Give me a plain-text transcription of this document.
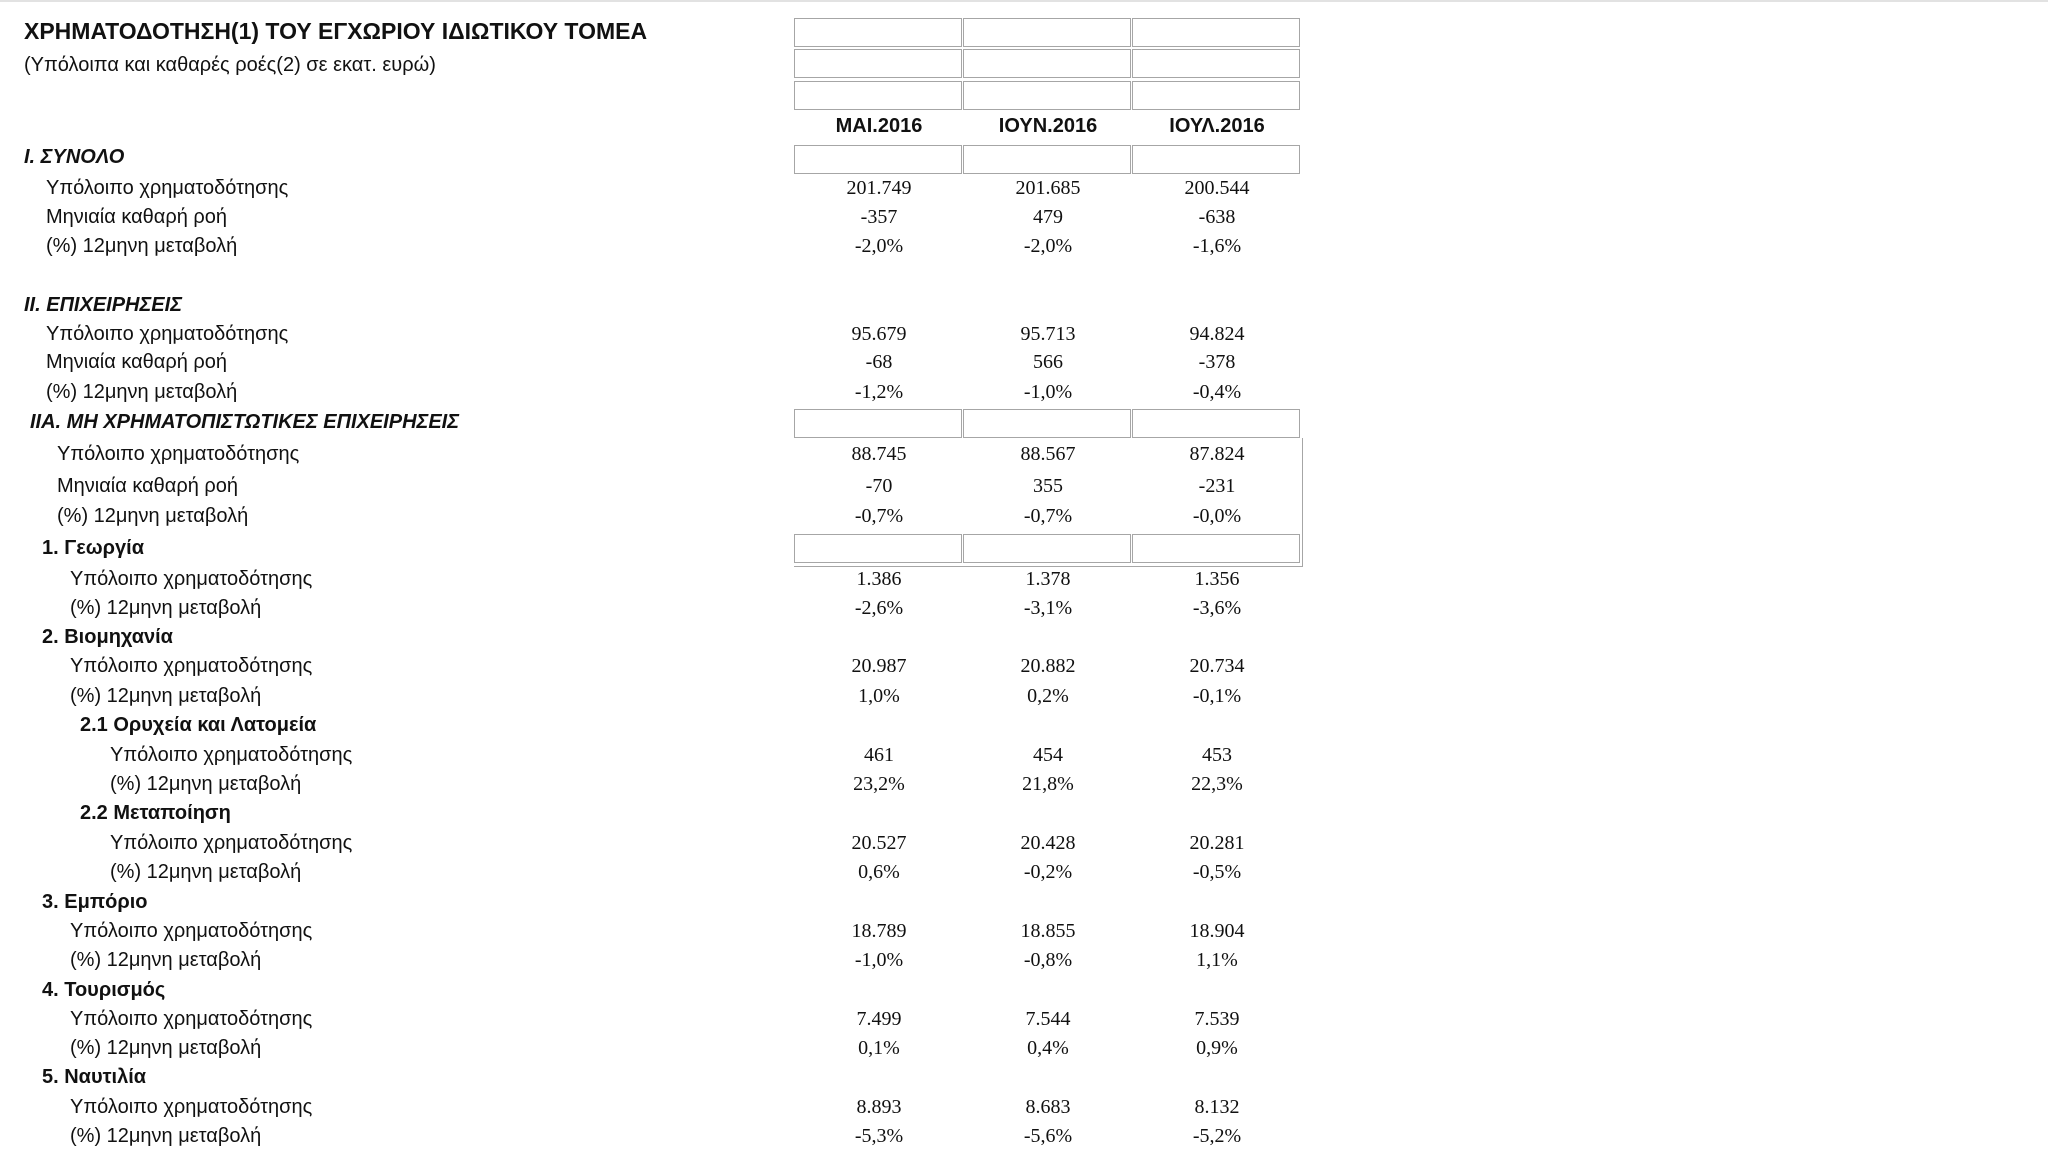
ΧΡΗΜΑΤΟΔΟΤΗΣΗ(1) ΤΟΥ ΕΓΧΩΡΙΟΥ ΙΔΙΩΤΙΚΟΥ ΤΟΜΕΑ
(Υπόλοιπα και καθαρές ροές(2) σε εκατ. ευρώ)
ΜΑΙ.2016	ΙΟΥΝ.2016	ΙΟΥΛ.2016
I. ΣΥΝΟΛΟ
Υπόλοιπο χρηματοδότησης	201.749	201.685	200.544
Μηνιαία καθαρή ροή	-357	479	-638
(%) 12μηνη μεταβολή	-2,0%	-2,0%	-1,6%
II. ΕΠΙΧΕΙΡΗΣΕΙΣ
Υπόλοιπο χρηματοδότησης	95.679	95.713	94.824
Μηνιαία καθαρή ροή	-68	566	-378
(%) 12μηνη μεταβολή	-1,2%	-1,0%	-0,4%
IIA. ΜΗ ΧΡΗΜΑΤΟΠΙΣΤΩΤΙΚΕΣ ΕΠΙΧΕΙΡΗΣΕΙΣ
Υπόλοιπο χρηματοδότησης	88.745	88.567	87.824
Μηνιαία καθαρή ροή	-70	355	-231
(%) 12μηνη μεταβολή	-0,7%	-0,7%	-0,0%
1. Γεωργία
Υπόλοιπο χρηματοδότησης	1.386	1.378	1.356
(%) 12μηνη μεταβολή	-2,6%	-3,1%	-3,6%
2. Βιομηχανία
Υπόλοιπο χρηματοδότησης	20.987	20.882	20.734
(%) 12μηνη μεταβολή	1,0%	0,2%	-0,1%
2.1 Ορυχεία και Λατομεία
Υπόλοιπο χρηματοδότησης	461	454	453
(%) 12μηνη μεταβολή	23,2%	21,8%	22,3%
2.2 Μεταποίηση
Υπόλοιπο χρηματοδότησης	20.527	20.428	20.281
(%) 12μηνη μεταβολή	0,6%	-0,2%	-0,5%
3. Εμπόριο
Υπόλοιπο χρηματοδότησης	18.789	18.855	18.904
(%) 12μηνη μεταβολή	-1,0%	-0,8%	1,1%
4. Τουρισμός
Υπόλοιπο χρηματοδότησης	7.499	7.544	7.539
(%) 12μηνη μεταβολή	0,1%	0,4%	0,9%
5. Ναυτιλία
Υπόλοιπο χρηματοδότησης	8.893	8.683	8.132
(%) 12μηνη μεταβολή	-5,3%	-5,6%	-5,2%
